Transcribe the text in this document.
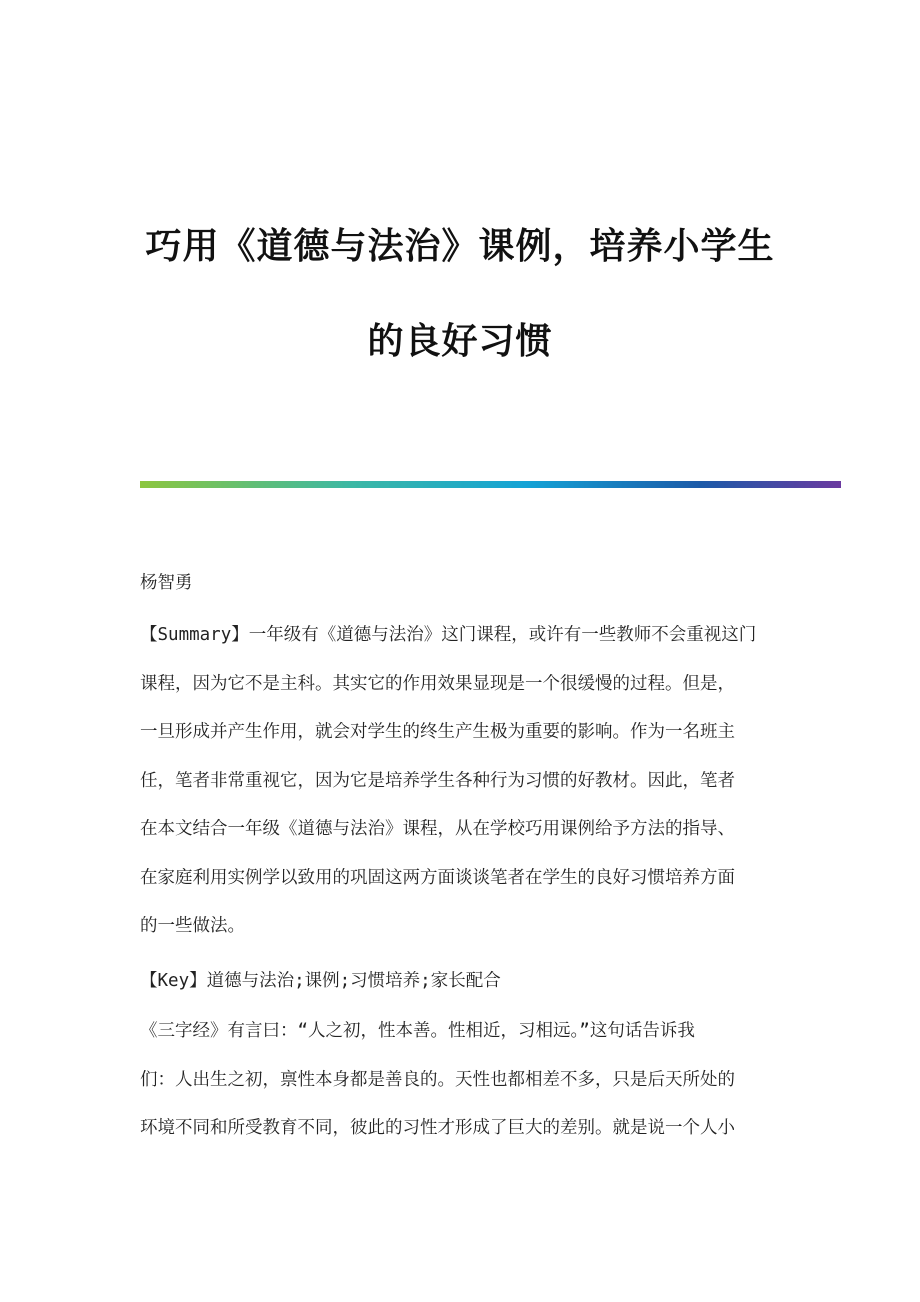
巧用《道德与法治》课例，培养小学生
的良好习惯
杨智勇
【Summary】一年级有《道德与法治》这门课程，或许有一些教师不会重视这门
课程，因为它不是主科。其实它的作用效果显现是一个很缓慢的过程。但是，
一旦形成并产生作用，就会对学生的终生产生极为重要的影响。作为一名班主
任，笔者非常重视它，因为它是培养学生各种行为习惯的好教材。因此，笔者
在本文结合一年级《道德与法治》课程，从在学校巧用课例给予方法的指导、
在家庭利用实例学以致用的巩固这两方面谈谈笔者在学生的良好习惯培养方面
的一些做法。
【Key】道德与法治;课例;习惯培养;家长配合
《三字经》有言曰：“人之初，性本善。性相近，习相远。”这句话告诉我
们：人出生之初，禀性本身都是善良的。天性也都相差不多，只是后天所处的
环境不同和所受教育不同，彼此的习性才形成了巨大的差别。就是说一个人小
